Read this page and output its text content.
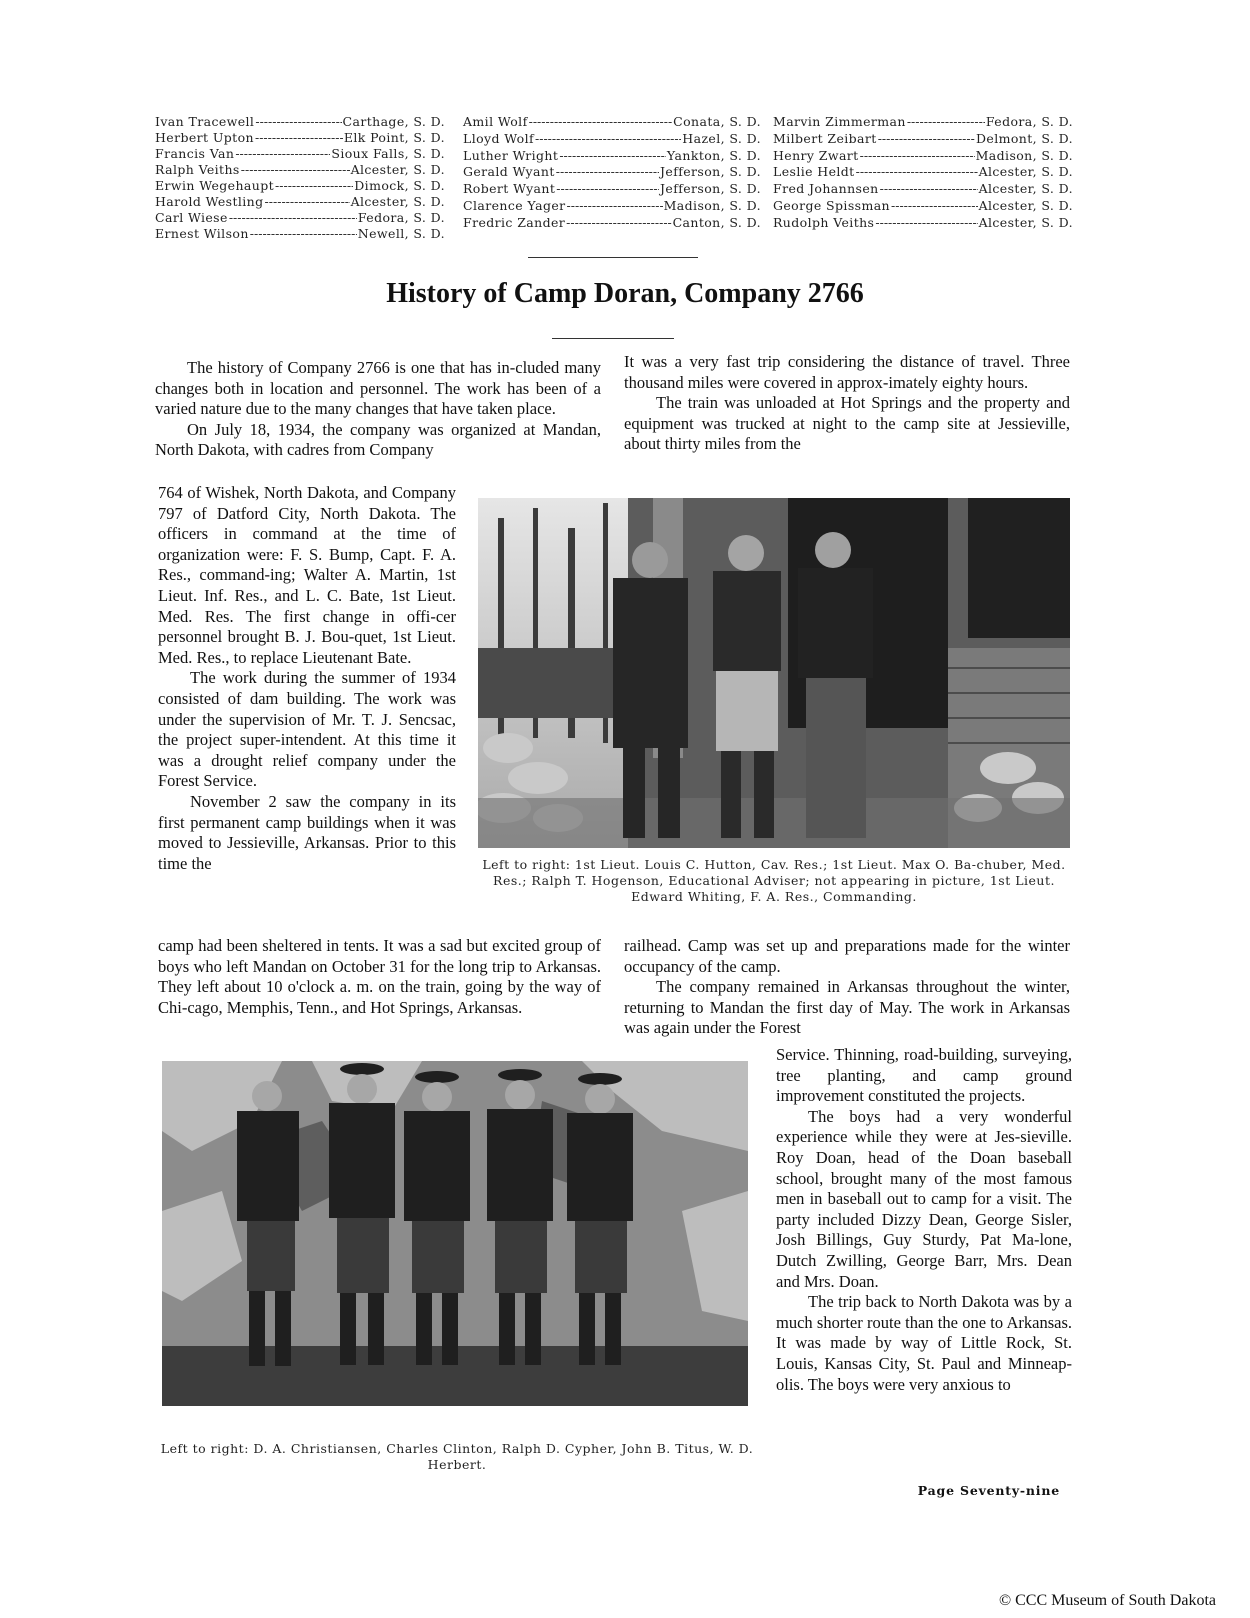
Ivan Tracewell -----	Carthage, S. D.
Herbert Upton -----	Elk Point, S. D.
Francis Van -----	Sioux Falls, S. D.
Ralph Veiths -----	Alcester, S. D.
Erwin Wegehaupt -----	Dimock, S. D.
Harold Westling -----	Alcester, S. D.
Carl Wiese -----	Fedora, S. D.
Ernest Wilson -----	Newell, S. D.
Amil Wolf -----	Conata, S. D.
Lloyd Wolf -----	Hazel, S. D.
Luther Wright -----	Yankton, S. D.
Gerald Wyant -----	Jefferson, S. D.
Robert Wyant -----	Jefferson, S. D.
Clarence Yager -----	Madison, S. D.
Fredric Zander -----	Canton, S. D.
Marvin Zimmerman -----	Fedora, S. D.
Milbert Zeibart -----	Delmont, S. D.
Henry Zwart -----	Madison, S. D.
Leslie Heldt -----	Alcester, S. D.
Fred Johannsen -----	Alcester, S. D.
George Spissman -----	Alcester, S. D.
Rudolph Veiths -----	Alcester, S. D.
History of Camp Doran, Company 2766

The history of Company 2766 is one that has in-cluded many changes both in location and personnel. The work has been of a varied nature due to the many changes that have taken place.

On July 18, 1934, the company was organized at Mandan, North Dakota, with cadres from Company

764 of Wishek, North Dakota, and Company 797 of Datford City, North Dakota. The officers in command at the time of organization were: F. S. Bump, Capt. F. A. Res., command-ing; Walter A. Martin, 1st Lieut. Inf. Res., and L. C. Bate, 1st Lieut. Med. Res. The first change in offi-cer personnel brought B. J. Bou-quet, 1st Lieut. Med. Res., to replace Lieutenant Bate.

The work during the summer of 1934 consisted of dam building. The work was under the supervision of Mr. T. J. Sencsac, the project super-intendent. At this time it was a drought relief company under the Forest Service.

November 2 saw the company in its first permanent camp buildings when it was moved to Jessieville, Arkansas. Prior to this time the

camp had been sheltered in tents. It was a sad but excited group of boys who left Mandan on October 31 for the long trip to Arkansas. They left about 10 o'clock a. m. on the train, going by the way of Chi-cago, Memphis, Tenn., and Hot Springs, Arkansas.

It was a very fast trip considering the distance of travel. Three thousand miles were covered in approx-imately eighty hours.

The train was unloaded at Hot Springs and the property and equipment was trucked at night to the camp site at Jessieville, about thirty miles from the

railhead. Camp was set up and preparations made for the winter occupancy of the camp.

The company remained in Arkansas throughout the winter, returning to Mandan the first day of May. The work in Arkansas was again under the Forest

Service. Thinning, road-building, surveying, tree planting, and camp ground improvement constituted the projects.

The boys had a very wonderful experience while they were at Jes-sieville. Roy Doan, head of the Doan baseball school, brought many of the most famous men in baseball out to camp for a visit. The party included Dizzy Dean, George Sisler, Josh Billings, Guy Sturdy, Pat Ma-lone, Dutch Zwilling, George Barr, Mrs. Dean and Mrs. Doan.

The trip back to North Dakota was by a much shorter route than the one to Arkansas. It was made by way of Little Rock, St. Louis, Kansas City, St. Paul and Minneap-olis. The boys were very anxious to

Left to right: 1st Lieut. Louis C. Hutton, Cav. Res.; 1st Lieut. Max O. Ba-chuber, Med. Res.; Ralph T. Hogenson, Educational Adviser; not appearing in picture, 1st Lieut. Edward Whiting, F. A. Res., Commanding.
Left to right: D. A. Christiansen, Charles Clinton, Ralph D. Cypher, John B. Titus, W. D. Herbert.
Page Seventy-nine
© CCC Museum of South Dakota
